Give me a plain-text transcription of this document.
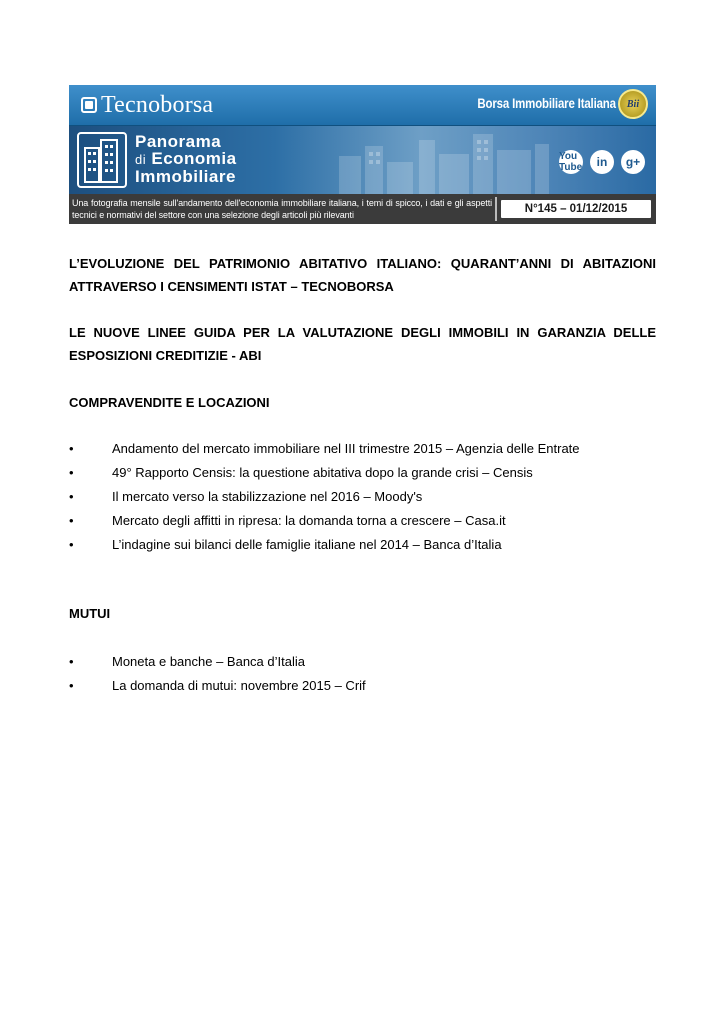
Tecnoborsa	Borsa Immobiliare Italiana	Bii
Panorama
di Economia
Immobiliare
You Tube	in	g+
Una fotografia mensile sull'andamento dell'economia immobiliare italiana, i temi di spicco, i dati e gli aspetti tecnici e normativi del settore con una selezione degli articoli più rilevanti	N°145 – 01/12/2015

L’EVOLUZIONE DEL PATRIMONIO ABITATIVO ITALIANO: QUARANT’ANNI DI ABITAZIONI ATTRAVERSO I CENSIMENTI ISTAT – TECNOBORSA

LE NUOVE LINEE GUIDA PER LA VALUTAZIONE DEGLI IMMOBILI IN GARANZIA DELLE ESPOSIZIONI CREDITIZIE - ABI

COMPRAVENDITE E LOCAZIONI

•	Andamento del mercato immobiliare nel III trimestre 2015 – Agenzia delle Entrate
•	49° Rapporto Censis: la questione abitativa dopo la grande crisi – Censis
•	Il mercato verso la stabilizzazione nel 2016 – Moody's
•	Mercato degli affitti in ripresa: la domanda torna a crescere – Casa.it
•	L’indagine sui bilanci delle famiglie italiane nel 2014 – Banca d’Italia

MUTUI

•	Moneta e banche – Banca d’Italia
•	La domanda di mutui: novembre 2015 – Crif
